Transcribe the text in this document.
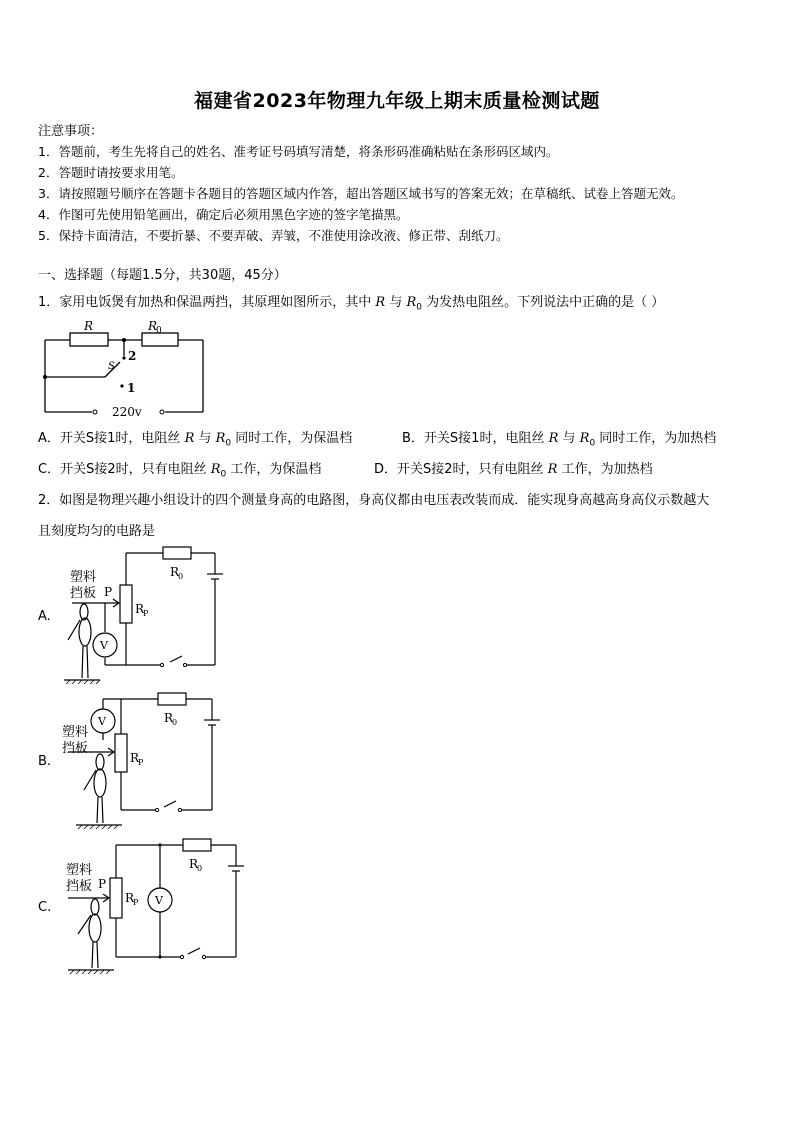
福建省2023年物理九年级上期末质量检测试题
注意事项：
1．答题前，考生先将自己的姓名、准考证号码填写清楚，将条形码准确粘贴在条形码区域内。
2．答题时请按要求用笔。
3．请按照题号顺序在答题卡各题目的答题区域内作答，超出答题区域书写的答案无效；在草稿纸、试卷上答题无效。
4．作图可先使用铅笔画出，确定后必须用黑色字迹的签字笔描黑。
5．保持卡面清洁，不要折暴、不要弄破、弄皱，不准使用涂改液、修正带、刮纸刀。
一、选择题（每题1.5分，共30题，45分）
1．家用电饭煲有加热和保温两挡，其原理如图所示，其中 R 与 $R_0$ 为发热电阻丝。下列说法中正确的是（ ）
R	R
0
S
2
1
220v
A．开关S接1时，电阻丝 R 与 $R_0$ 同时工作，为保温档	B．开关S接1时，电阻丝 R 与 $R_0$ 同时工作，为加热档
C．开关S接2时，只有电阻丝 $R_0$ 工作，为保温档	D．开关S接2时，只有电阻丝 R 工作，为加热档
2．如图是物理兴趣小组设计的四个测量身高的电路图，身高仪都由电压表改装而成．能实现身高越高身高仪示数越大
且刻度均匀的电路是
塑料
挡板 P
R
P
R
0
V
A.
塑料
挡板
R
P
R
0
V
B.
塑料
挡板 P
R
P
R
0
V
C.
